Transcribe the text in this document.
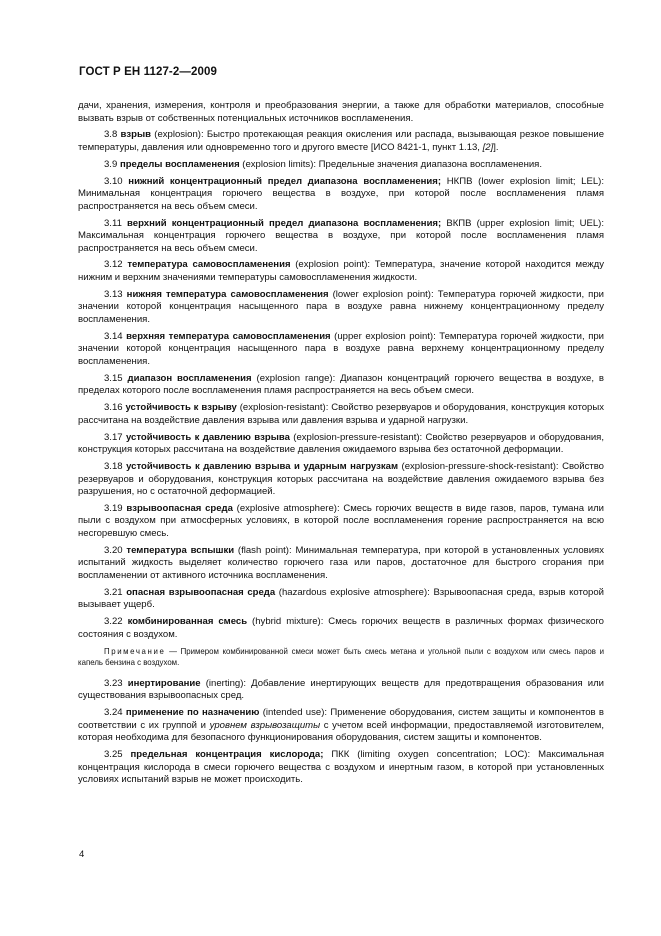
ГОСТ Р ЕН 1127-2—2009

дачи, хранения, измерения, контроля и преобразования энергии, а также для обработки материалов, способные вызвать взрыв от собственных потенциальных источников воспламенения.

3.8 взрыв (explosion): Быстро протекающая реакция окисления или распада, вызывающая резкое повышение температуры, давления или одновременно того и другого вместе [ИСО 8421-1, пункт 1.13, [2]].

3.9 пределы воспламенения (explosion limits): Предельные значения диапазона воспламенения.

3.10 нижний концентрационный предел диапазона воспламенения; НКПВ (lower explosion limit; LEL): Минимальная концентрация горючего вещества в воздухе, при которой после воспламенения пламя распространяется на весь объем смеси.

3.11 верхний концентрационный предел диапазона воспламенения; ВКПВ (upper explosion limit; UEL): Максимальная концентрация горючего вещества в воздухе, при которой после воспламенения пламя распространяется на весь объем смеси.

3.12 температура самовоспламенения (explosion point): Температура, значение которой находится между нижним и верхним значениями температуры самовоспламенения жидкости.

3.13 нижняя температура самовоспламенения (lower explosion point): Температура горючей жидкости, при значении которой концентрация насыщенного пара в воздухе равна нижнему концентрационному пределу воспламенения.

3.14 верхняя температура самовоспламенения (upper explosion point): Температура горючей жидкости, при значении которой концентрация насыщенного пара в воздухе равна верхнему концентрационному пределу воспламенения.

3.15 диапазон воспламенения (explosion range): Диапазон концентраций горючего вещества в воздухе, в пределах которого после воспламенения пламя распространяется на весь объем смеси.

3.16 устойчивость к взрыву (explosion-resistant): Свойство резервуаров и оборудования, конструкция которых рассчитана на воздействие давления взрыва или давления взрыва и ударной нагрузки.

3.17 устойчивость к давлению взрыва (explosion-pressure-resistant): Свойство резервуаров и оборудования, конструкция которых рассчитана на воздействие давления ожидаемого взрыва без остаточной деформации.

3.18 устойчивость к давлению взрыва и ударным нагрузкам (explosion-pressure-shock-resistant): Свойство резервуаров и оборудования, конструкция которых рассчитана на воздействие давления ожидаемого взрыва без разрушения, но с остаточной деформацией.

3.19 взрывоопасная среда (explosive atmosphere): Смесь горючих веществ в виде газов, паров, тумана или пыли с воздухом при атмосферных условиях, в которой после воспламенения горение распространяется на всю несгоревшую смесь.

3.20 температура вспышки (flash point): Минимальная температура, при которой в установленных условиях испытаний жидкость выделяет количество горючего газа или паров, достаточное для быстрого сгорания при воспламенении от активного источника воспламенения.

3.21 опасная взрывоопасная среда (hazardous explosive atmosphere): Взрывоопасная среда, взрыв которой вызывает ущерб.

3.22 комбинированная смесь (hybrid mixture): Смесь горючих веществ в различных формах физического состояния с воздухом.

Примечание — Примером комбинированной смеси может быть смесь метана и угольной пыли с воздухом или смесь паров и капель бензина с воздухом.

3.23 инертирование (inerting): Добавление инертирующих веществ для предотвращения образования или существования взрывоопасных сред.

3.24 применение по назначению (intended use): Применение оборудования, систем защиты и компонентов в соответствии с их группой и уровнем взрывозащиты с учетом всей информации, предоставляемой изготовителем, которая необходима для безопасного функционирования оборудования, систем защиты и компонентов.

3.25 предельная концентрация кислорода; ПКК (limiting oxygen concentration; LOC): Максимальная концентрация кислорода в смеси горючего вещества с воздухом и инертным газом, в которой при установленных условиях испытаний взрыв не может происходить.

4
